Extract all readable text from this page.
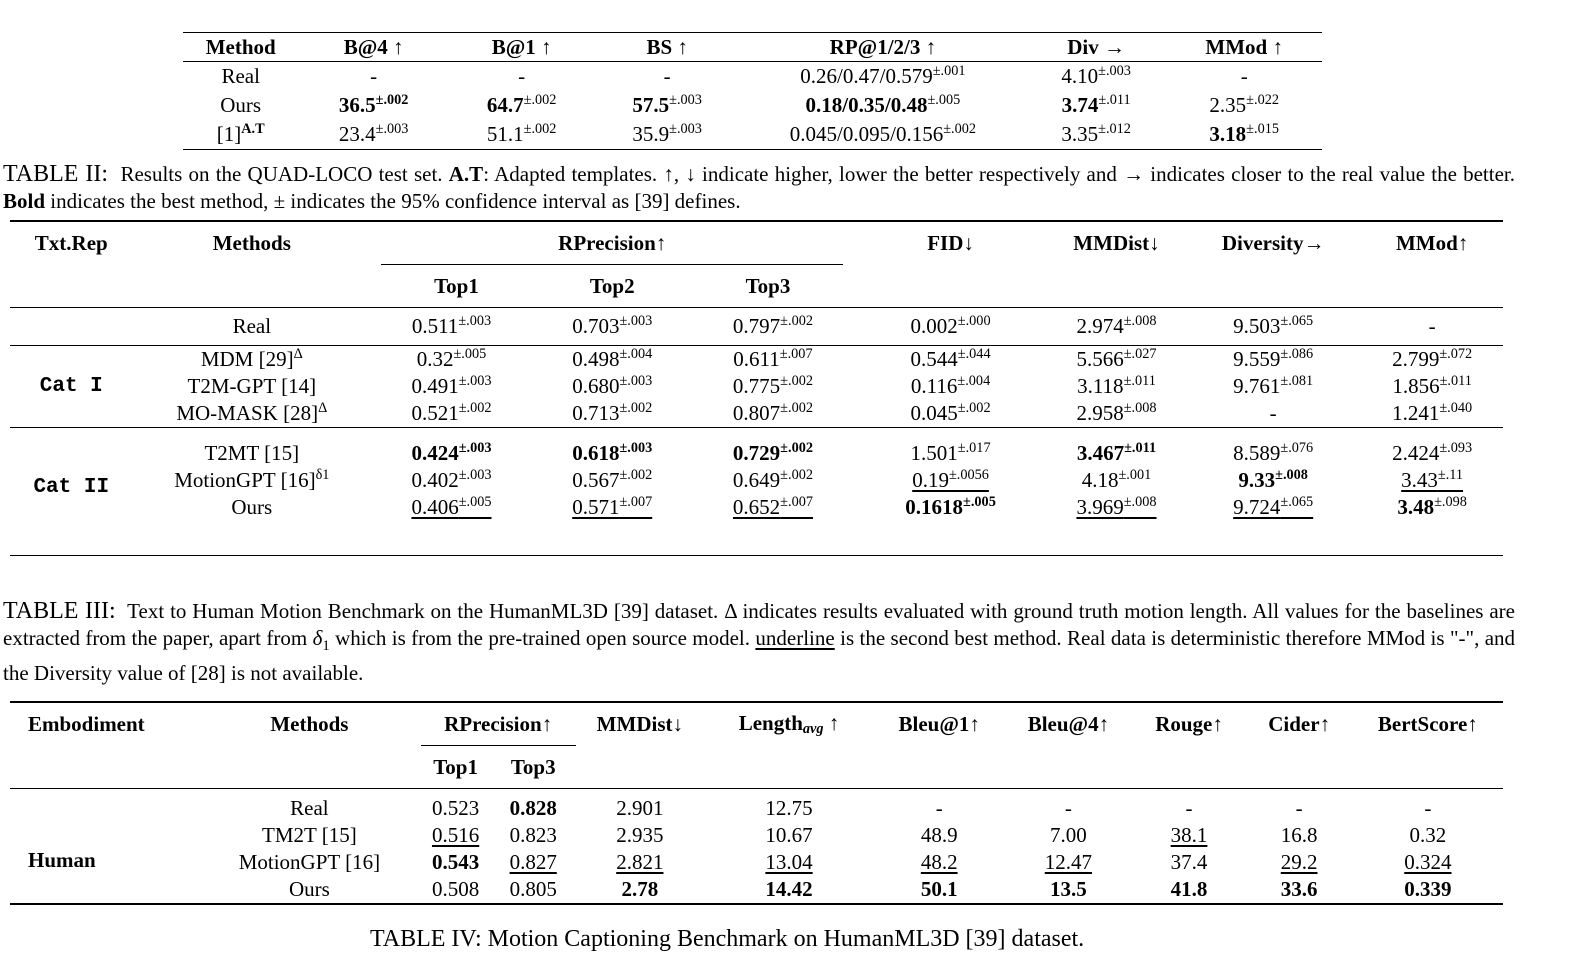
Method	B@4 ↑	B@1 ↑	BS ↑	RP@1/2/3 ↑	Div →	MMod ↑
Real	-	-	-	$0.26/0.47/0.579^{\pm.001}$	$4.10^{\pm.003}$	-
Ours	$36.5^{\pm.002}$	$64.7^{\pm.002}$	$57.5^{\pm.003}$	$0.18/0.35/0.48^{\pm.005}$	$3.74^{\pm.011}$	$2.35^{\pm.022}$
$[1]^{A.T}$	$23.4^{\pm.003}$	$51.1^{\pm.002}$	$35.9^{\pm.003}$	$0.045/0.095/0.156^{\pm.002}$	$3.35^{\pm.012}$	$3.18^{\pm.015}$
TABLE II: Results on the QUAD-LOCO test set. A.T: Adapted templates. ↑, ↓ indicate higher, lower the better respectively and → indicates closer to the real value the better. Bold indicates the best method, ± indicates the 95% confidence interval as [39] defines.
Txt.Rep	Methods	RPrecision↑			FID↓	MMDist↓	Diversity→	MMod↑
		Top1	Top2	Top3				
	Real	$0.511^{\pm.003}$	$0.703^{\pm.003}$	$0.797^{\pm.002}$	$0.002^{\pm.000}$	$2.974^{\pm.008}$	$9.503^{\pm.065}$	-
Cat I	MDM $[29]^\Delta$	$0.32^{\pm.005}$	$0.498^{\pm.004}$	$0.611^{\pm.007}$	$0.544^{\pm.044}$	$5.566^{\pm.027}$	$9.559^{\pm.086}$	$2.799^{\pm.072}$
	T2M-GPT [14]	$0.491^{\pm.003}$	$0.680^{\pm.003}$	$0.775^{\pm.002}$	$0.116^{\pm.004}$	$3.118^{\pm.011}$	$9.761^{\pm.081}$	$1.856^{\pm.011}$
	MO-MASK $[28]^\Delta$	$0.521^{\pm.002}$	$0.713^{\pm.002}$	$0.807^{\pm.002}$	$0.045^{\pm.002}$	$2.958^{\pm.008}$	-	$1.241^{\pm.040}$
Cat II	T2MT [15]	$0.424^{\pm.003}$	$0.618^{\pm.003}$	$0.729^{\pm.002}$	$1.501^{\pm.017}$	$3.467^{\pm.011}$	$8.589^{\pm.076}$	$2.424^{\pm.093}$
	MotionGPT $[16]^{\delta 1}$	$0.402^{\pm.003}$	$0.567^{\pm.002}$	$0.649^{\pm.002}$	$0.19^{\pm.0056}$	$4.18^{\pm.001}$	$9.33^{\pm.008}$	$3.43^{\pm.11}$
	Ours	$0.406^{\pm.005}$	$0.571^{\pm.007}$	$0.652^{\pm.007}$	$0.1618^{\pm.005}$	$3.969^{\pm.008}$	$9.724^{\pm.065}$	$3.48^{\pm.098}$
TABLE III: Text to Human Motion Benchmark on the HumanML3D [39] dataset. Δ indicates results evaluated with ground truth motion length. All values for the baselines are extracted from the paper, apart from $\delta_1$ which is from the pre-trained open source model. underline is the second best method. Real data is deterministic therefore MMod is "-", and the Diversity value of [28] is not available.
Embodiment	Methods	RPrecision↑		MMDist↓	Length$_{avg}$ ↑	Bleu@1↑	Bleu@4↑	Rouge↑	Cider↑	BertScore↑
		Top1	Top3							
Human	Real	0.523	0.828	2.901	12.75	-	-	-	-	-
	TM2T [15]	0.516	0.823	2.935	10.67	48.9	7.00	38.1	16.8	0.32
	MotionGPT [16]	0.543	0.827	2.821	13.04	48.2	12.47	37.4	29.2	0.324
	Ours	0.508	0.805	2.78	14.42	50.1	13.5	41.8	33.6	0.339
TABLE IV: Motion Captioning Benchmark on HumanML3D [39] dataset.
